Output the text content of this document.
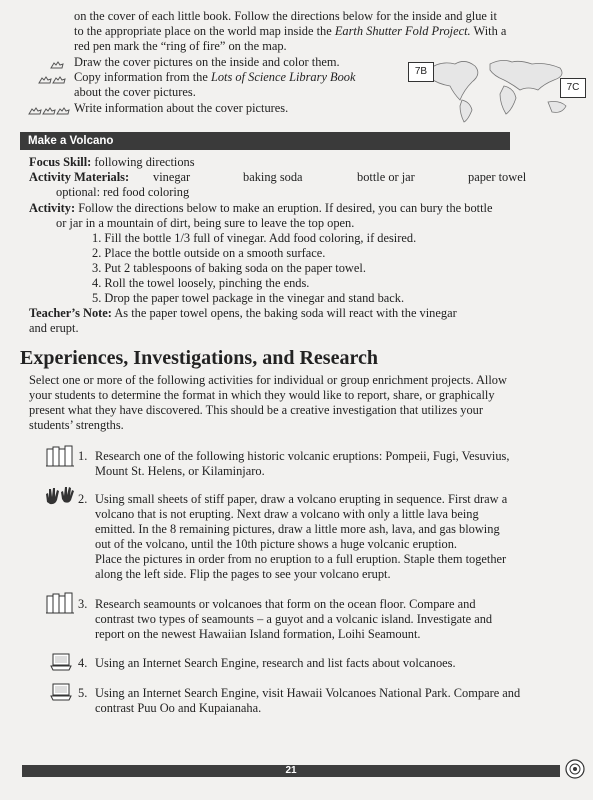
on the cover of each little book. Follow the directions below for the inside and glue it
to the appropriate place on the world map inside the Earth Shutter Fold Project. With a
red pen mark the “ring of fire” on the map.
Draw the cover pictures on the inside and color them.
Copy information from the Lots of Science Library Book
about the cover pictures.
Write information about the cover pictures.
7B
7C
Make a Volcano
Focus Skill: following directions
Activity Materials: vinegar	baking soda	bottle or jar	paper towel
optional: red food coloring
Activity: Follow the directions below to make an eruption. If desired, you can bury the bottle
or jar in a mountain of dirt, being sure to leave the top open.
1. Fill the bottle 1/3 full of vinegar. Add food coloring, if desired.
2. Place the bottle outside on a smooth surface.
3. Put 2 tablespoons of baking soda on the paper towel.
4. Roll the towel loosely, pinching the ends.
5. Drop the paper towel package in the vinegar and stand back.
Teacher’s Note: As the paper towel opens, the baking soda will react with the vinegar
and erupt.
Experiences, Investigations, and Research
Select one or more of the following activities for individual or group enrichment projects. Allow
your students to determine the format in which they would like to report, share, or graphically
present what they have discovered. This should be a creative investigation that utilizes your
students’ strengths.
1. Research one of the following historic volcanic eruptions: Pompeii, Fugi, Vesuvius,
Mount St. Helens, or Kilaminjaro.
2. Using small sheets of stiff paper, draw a volcano erupting in sequence. First draw a
volcano that is not erupting. Next draw a volcano with only a little lava being
emitted. In the 8 remaining pictures, draw a little more ash, lava, and gas blowing
out of the volcano, until the 10th picture shows a huge volcanic eruption.
Place the pictures in order from no eruption to a full eruption. Staple them together
along the left side. Flip the pages to see your volcano erupt.
3. Research seamounts or volcanoes that form on the ocean floor. Compare and
contrast two types of seamounts – a guyot and a volcanic island. Investigate and
report on the newest Hawaiian Island formation, Loihi Seamount.
4. Using an Internet Search Engine, research and list facts about volcanoes.
5. Using an Internet Search Engine, visit Hawaii Volcanoes National Park. Compare and
contrast Puu Oo and Kupaianaha.
21
